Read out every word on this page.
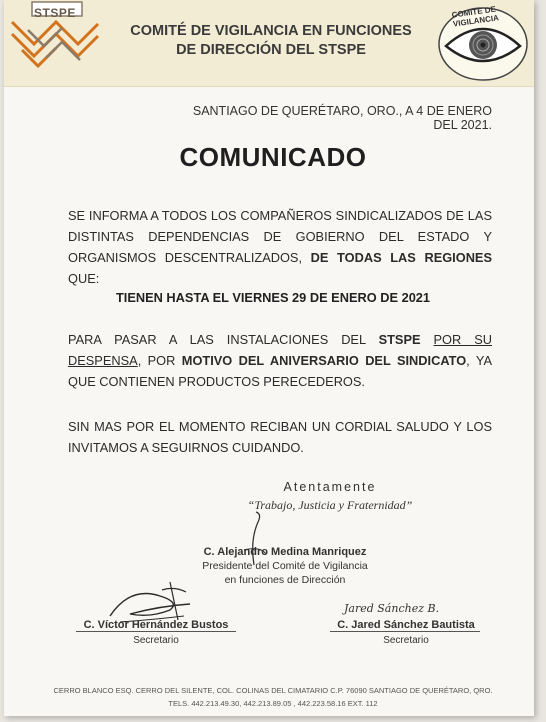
STSPE
COMITÉ DE VIGILANCIA EN FUNCIONES
DE DIRECCIÓN DEL STSPE
COMITE DE VIGILANCIA
SANTIAGO DE QUERÉTARO, ORO., A 4 DE ENERO DEL 2021.
COMUNICADO
SE INFORMA A TODOS LOS COMPAÑEROS SINDICALIZADOS DE LAS DISTINTAS DEPENDENCIAS DE GOBIERNO DEL ESTADO Y ORGANISMOS DESCENTRALIZADOS, DE TODAS LAS REGIONES QUE:
TIENEN HASTA EL VIERNES 29 DE ENERO DE 2021
PARA PASAR A LAS INSTALACIONES DEL STSPE POR SU DESPENSA, POR MOTIVO DEL ANIVERSARIO DEL SINDICATO, YA QUE CONTIENEN PRODUCTOS PERECEDEROS.
SIN MAS POR EL MOMENTO RECIBAN UN CORDIAL SALUDO Y LOS INVITAMOS A SEGUIRNOS CUIDANDO.
Atentamente
“Trabajo, Justicia y Fraternidad”
C. Alejandro Medina Manriquez
Presidente del Comité de Vigilancia
en funciones de Dirección
C. Víctor Hernández Bustos
Secretario
Jared Sánchez B.
C. Jared Sánchez Bautista
Secretario
CERRO BLANCO ESQ. CERRO DEL SILENTE, COL. COLINAS DEL CIMATARIO C.P. 76090 SANTIAGO DE QUERÉTARO, QRO.
TELS. 442.213.49.30, 442.213.89.05 , 442.223.58.16 EXT. 112
